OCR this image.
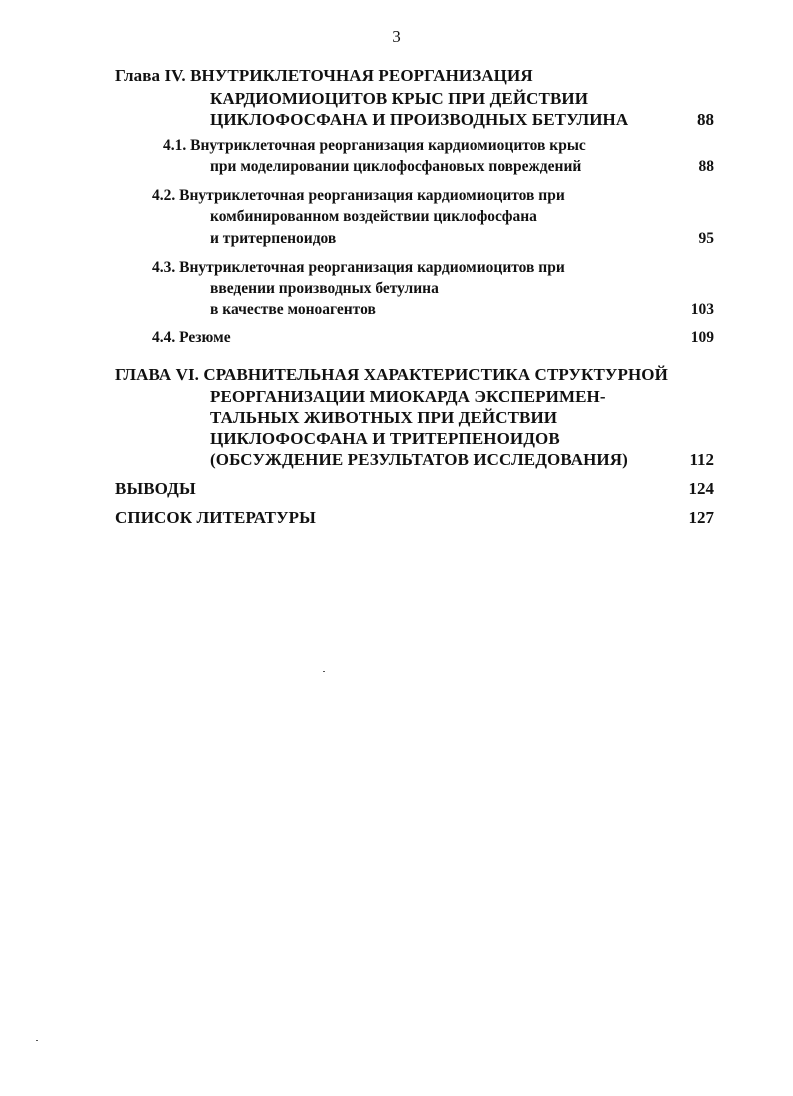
3
Глава IV. ВНУТРИКЛЕТОЧНАЯ РЕОРГАНИЗАЦИЯ
КАРДИОМИОЦИТОВ КРЫС ПРИ ДЕЙСТВИИ
ЦИКЛОФОСФАНА И ПРОИЗВОДНЫХ БЕТУЛИНА	88
4.1. Внутриклеточная реорганизация кардиомиоцитов крыс
при моделировании циклофосфановых повреждений	88
4.2. Внутриклеточная реорганизация кардиомиоцитов при
комбинированном воздействии циклофосфана
и тритерпеноидов	95
4.3. Внутриклеточная реорганизация кардиомиоцитов при
введении производных бетулина
в качестве моноагентов	103
4.4. Резюме	109
ГЛАВА VI. СРАВНИТЕЛЬНАЯ ХАРАКТЕРИСТИКА СТРУКТУРНОЙ
РЕОРГАНИЗАЦИИ МИОКАРДА ЭКСПЕРИМЕН-
ТАЛЬНЫХ ЖИВОТНЫХ ПРИ ДЕЙСТВИИ
ЦИКЛОФОСФАНА И ТРИТЕРПЕНОИДОВ
(ОБСУЖДЕНИЕ РЕЗУЛЬТАТОВ ИССЛЕДОВАНИЯ)	112
ВЫВОДЫ	124
СПИСОК ЛИТЕРАТУРЫ	127
